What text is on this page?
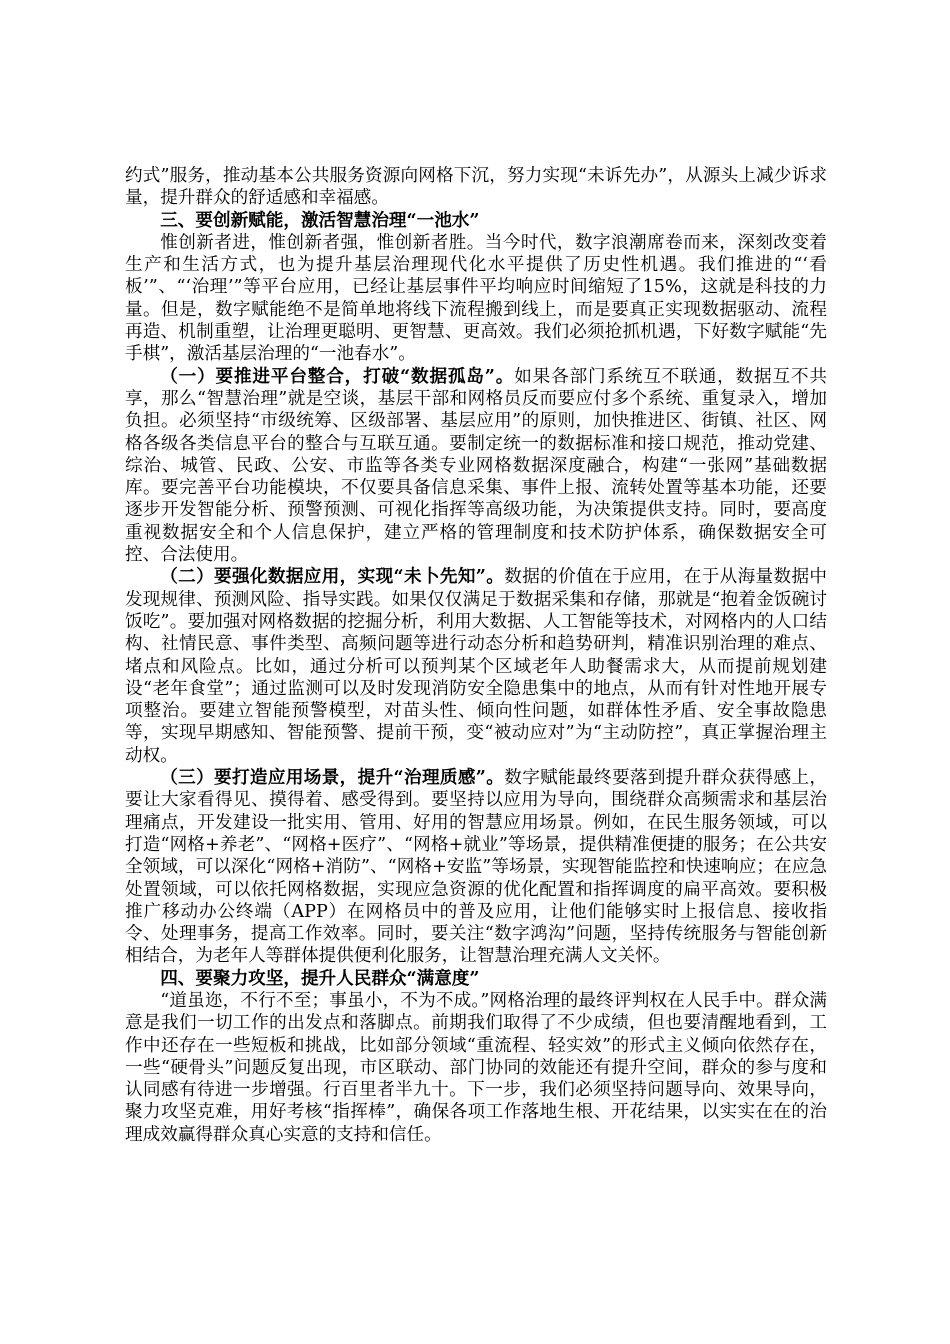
约式”服务，推动基本公共服务资源向网格下沉，努力实现“未诉先办”，从源头上减少诉求量，提升群众的舒适感和幸福感。

三、要创新赋能，激活智慧治理“一池水”

惟创新者进，惟创新者强，惟创新者胜。当今时代，数字浪潮席卷而来，深刻改变着生产和生活方式，也为提升基层治理现代化水平提供了历史性机遇。我们推进的“‘看板’”、“‘治理’”等平台应用，已经让基层事件平均响应时间缩短了15%，这就是科技的力量。但是，数字赋能绝不是简单地将线下流程搬到线上，而是要真正实现数据驱动、流程再造、机制重塑，让治理更聪明、更智慧、更高效。我们必须抢抓机遇，下好数字赋能“先手棋”，激活基层治理的“一池春水”。

（一）要推进平台整合，打破“数据孤岛”。如果各部门系统互不联通，数据互不共享，那么“智慧治理”就是空谈，基层干部和网格员反而要应付多个系统、重复录入，增加负担。必须坚持“市级统筹、区级部署、基层应用”的原则，加快推进区、街镇、社区、网格各级各类信息平台的整合与互联互通。要制定统一的数据标准和接口规范，推动党建、综治、城管、民政、公安、市监等各类专业网格数据深度融合，构建“一张网”基础数据库。要完善平台功能模块，不仅要具备信息采集、事件上报、流转处置等基本功能，还要逐步开发智能分析、预警预测、可视化指挥等高级功能，为决策提供支持。同时，要高度重视数据安全和个人信息保护，建立严格的管理制度和技术防护体系，确保数据安全可控、合法使用。

（二）要强化数据应用，实现“未卜先知”。数据的价值在于应用，在于从海量数据中发现规律、预测风险、指导实践。如果仅仅满足于数据采集和存储，那就是“抱着金饭碗讨饭吃”。要加强对网格数据的挖掘分析，利用大数据、人工智能等技术，对网格内的人口结构、社情民意、事件类型、高频问题等进行动态分析和趋势研判，精准识别治理的难点、堵点和风险点。比如，通过分析可以预判某个区域老年人助餐需求大，从而提前规划建设“老年食堂”；通过监测可以及时发现消防安全隐患集中的地点，从而有针对性地开展专项整治。要建立智能预警模型，对苗头性、倾向性问题，如群体性矛盾、安全事故隐患等，实现早期感知、智能预警、提前干预，变“被动应对”为“主动防控”，真正掌握治理主动权。

（三）要打造应用场景，提升“治理质感”。数字赋能最终要落到提升群众获得感上，要让大家看得见、摸得着、感受得到。要坚持以应用为导向，围绕群众高频需求和基层治理痛点，开发建设一批实用、管用、好用的智慧应用场景。例如，在民生服务领域，可以打造“网格+养老”、“网格+医疗”、“网格+就业”等场景，提供精准便捷的服务；在公共安全领域，可以深化“网格+消防”、“网格+安监”等场景，实现智能监控和快速响应；在应急处置领域，可以依托网格数据，实现应急资源的优化配置和指挥调度的扁平高效。要积极推广移动办公终端（APP）在网格员中的普及应用，让他们能够实时上报信息、接收指令、处理事务，提高工作效率。同时，要关注“数字鸿沟”问题，坚持传统服务与智能创新相结合，为老年人等群体提供便利化服务，让智慧治理充满人文关怀。

四、要聚力攻坚，提升人民群众“满意度”

“道虽迩，不行不至；事虽小，不为不成。”网格治理的最终评判权在人民手中。群众满意是我们一切工作的出发点和落脚点。前期我们取得了不少成绩，但也要清醒地看到，工作中还存在一些短板和挑战，比如部分领域“重流程、轻实效”的形式主义倾向依然存在，一些“硬骨头”问题反复出现，市区联动、部门协同的效能还有提升空间，群众的参与度和认同感有待进一步增强。行百里者半九十。下一步，我们必须坚持问题导向、效果导向，聚力攻坚克难，用好考核“指挥棒”，确保各项工作落地生根、开花结果，以实实在在的治理成效赢得群众真心实意的支持和信任。
